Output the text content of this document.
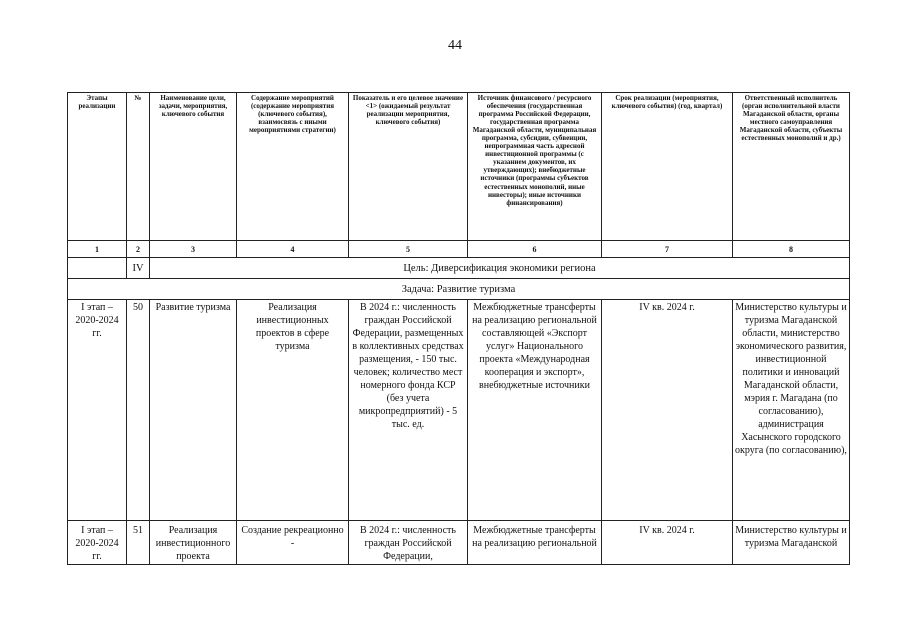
44
Этапы реализации	№	Наименование цели, задачи, мероприятия, ключевого события	Содержание мероприятий (содержание мероприятия (ключевого события), взаимосвязь с иными мероприятиями стратегии)	Показатель и его целевое значение <1> (ожидаемый результат реализации мероприятия, ключевого события)	Источник финансового / ресурсного обеспечения (государственная программа Российской Федерации, государственная программа Магаданской области, муниципальная программа, субсидии, субвенции, непрограммная часть адресной инвестиционной программы (с указанием документов, их утверждающих); внебюджетные источники (программы субъектов естественных монополий, иные инвесторы); иные источники финансирования)	Срок реализации (мероприятия, ключевого события) (год, квартал)	Ответственный исполнитель (орган исполнительной власти Магаданской области, органы местного самоуправления Магаданской области, субъекты естественных монополий и др.)
1	2	3	4	5	6	7	8
	IV	Цель: Диверсификация экономики региона					
Задача: Развитие туризма							
I этап – 2020-2024 гг.	50	Развитие туризма	Реализация инвестиционных проектов в сфере туризма	В 2024 г.: численность граждан Российской Федерации, размещенных в коллективных средствах размещения, - 150 тыс. человек; количество мест номерного фонда КСР (без учета микропредприятий) - 5 тыс. ед.	Межбюджетные трансферты на реализацию региональной составляющей «Экспорт услуг» Национального проекта «Международная кооперация и экспорт», внебюджетные источники	IV кв. 2024 г.	Министерство культуры и туризма Магаданской области, министерство экономического развития, инвестиционной политики и инноваций Магаданской области, мэрия г. Магадана (по согласованию), администрация Хасынского городского округа (по согласованию),
I этап – 2020-2024 гг.	51	Реализация инвестиционного проекта	Создание рекреационно -	В 2024 г.: численность граждан Российской Федерации,	Межбюджетные трансферты на реализацию региональной	IV кв. 2024 г.	Министерство культуры и туризма Магаданской
